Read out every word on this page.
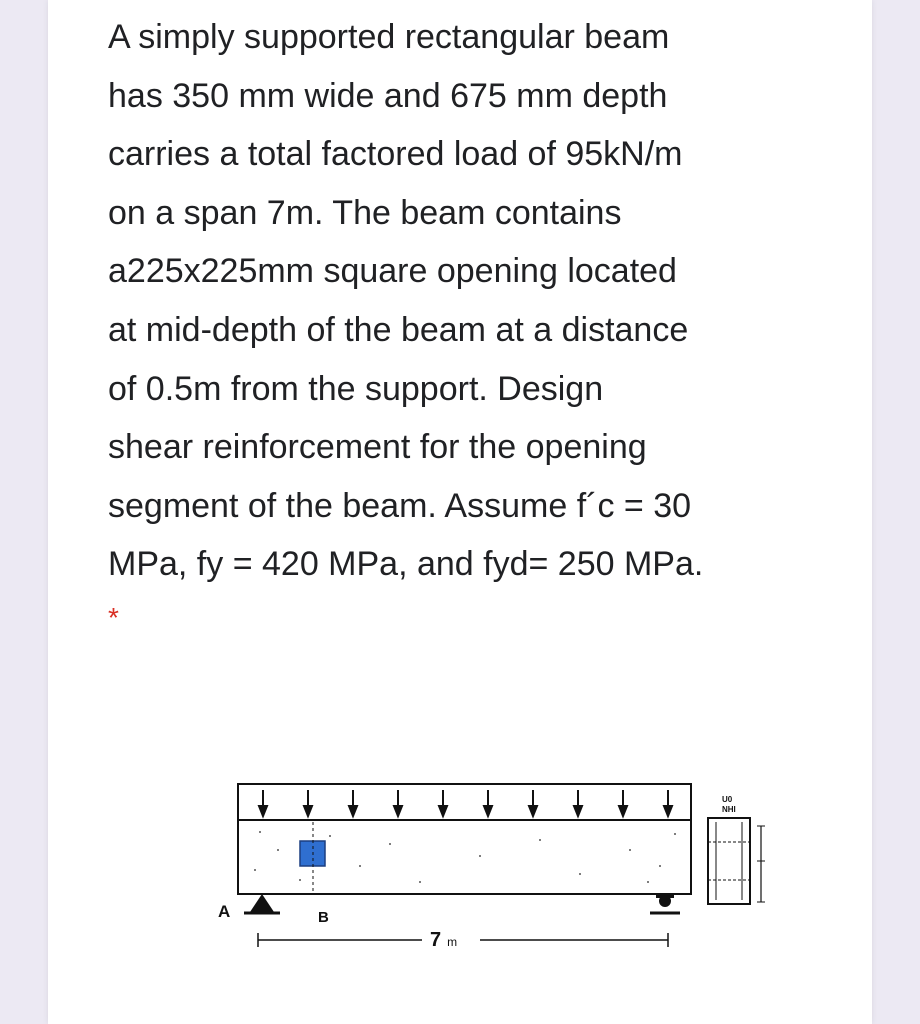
A simply supported rectangular beam
has 350 mm wide and 675 mm depth
carries a total factored load of 95kN/m
on a span 7m. The beam contains
a225x225mm square opening located
at mid-depth of the beam at a distance
of 0.5m from the support. Design
shear reinforcement for the opening
segment of the beam. Assume f´c = 30
MPa, fy = 420 MPa, and fyd= 250 MPa.

*
A	B
7 m
U0
NHI
